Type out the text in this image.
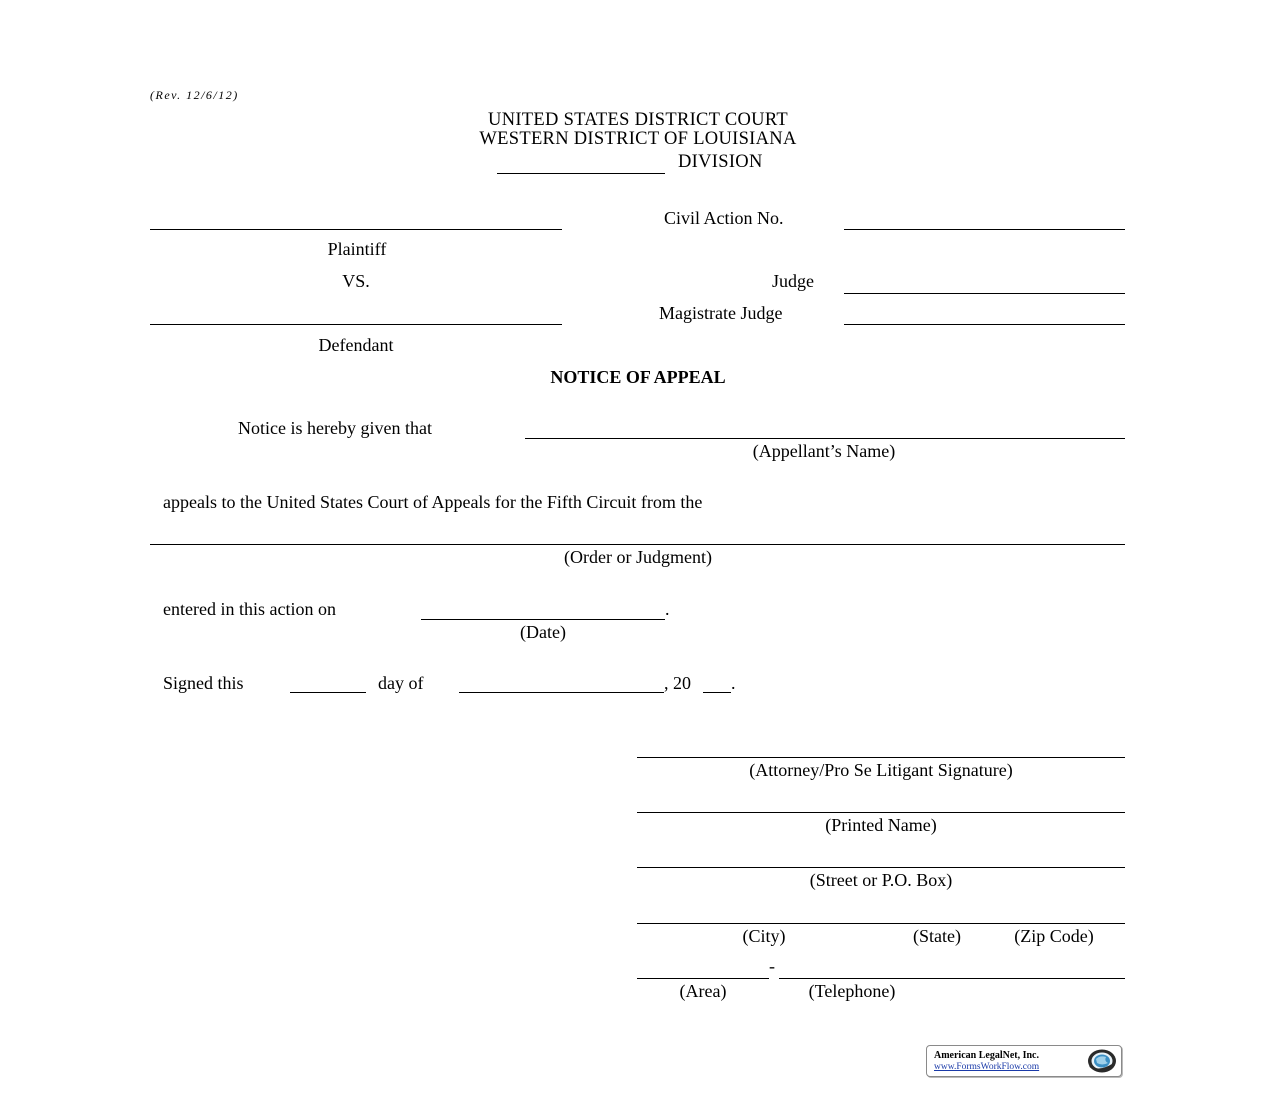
(Rev. 12/6/12)
UNITED STATES DISTRICT COURT
WESTERN DISTRICT OF LOUISIANA
DIVISION
Civil Action No.
Plaintiff
VS.	Judge
Magistrate Judge
Defendant
NOTICE OF APPEAL
Notice is hereby given that
(Appellant’s Name)
appeals to the United States Court of Appeals for the Fifth Circuit from the
(Order or Judgment)
entered in this action on	.
(Date)
Signed this	day of	, 20 .
(Attorney/Pro Se Litigant Signature)
(Printed Name)
(Street or P.O. Box)
(City)	(State)	(Zip Code)
-
(Area)	(Telephone)
American LegalNet, Inc.
www.FormsWorkFlow.com
